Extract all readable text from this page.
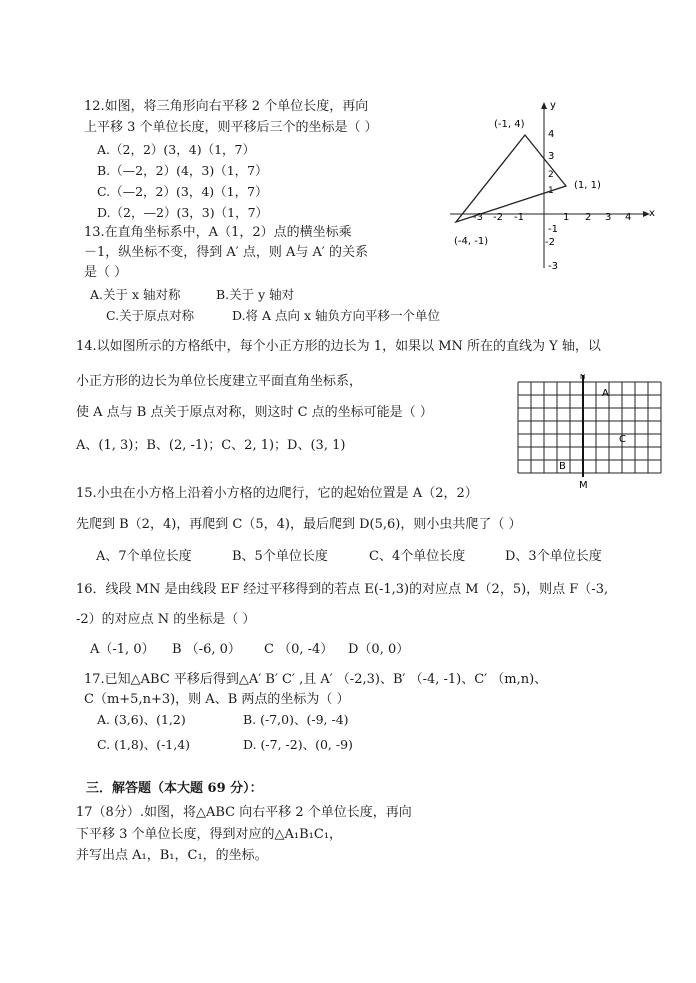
12.如图，将三角形向右平移 2 个单位长度，再向
上平移 3 个单位长度，则平移后三个的坐标是（ ）
A.（2，2）(3，4)（1，7）
B.（—2，2）(4，3)（1，7）
C.（—2，2）(3，4)（1，7）
D.（2，—2）(3，3)（1，7）	x
y
-3 -2 -1	1 2 3 4
4
3
2
1
-1
-2
-3
(-1, 4)
(1, 1)
(-4, -1)
13.在直角坐标系中，A（1，2）点的横坐标乘
－1，纵坐标不变，得到 A′ 点，则 A与 A′ 的关系
是（ ）
A.关于 x 轴对称	B.关于 y 轴对
C.关于原点对称	D.将 A 点向 x 轴负方向平移一个单位
14.以如图所示的方格纸中，每个小正方形的边长为 1，如果以 MN 所在的直线为 Y 轴，以
小正方形的边长为单位长度建立平面直角坐标系，
使 A 点与 B 点关于原点对称，则这时 C 点的坐标可能是（ ）
A、(1, 3)；B、(2, -1)；C、2, 1)；D、(3, 1)
N
A
C
B
M
15.小虫在小方格上沿着小方格的边爬行，它的起始位置是 A（2，2）
先爬到 B（2，4)，再爬到 C（5，4)，最后爬到 D(5,6)，则小虫共爬了（ ）
A、7个单位长度	B、5个单位长度	C、4个单位长度	D、3个单位长度
16．线段 MN 是由线段 EF 经过平移得到的若点 E(-1,3)的对应点 M（2，5)，则点 F（-3,
-2）的对应点 N 的坐标是（ ）
A（-1, 0） B （-6, 0） C （0, -4） D（0, 0）
17.已知△ABC 平移后得到△A′ B′ C′ ,且 A′ （-2,3)、B′ （-4, -1)、C′ （m,n)、
C（m+5,n+3)，则 A、B 两点的坐标为（ ）
A. (3,6)、(1,2)	B. (-7,0)、(-9, -4)
C. (1,8)、(-1,4)	D. (-7, -2)、(0, -9)
三．解答题（本大题 69 分）：
17（8分）.如图，将△ABC 向右平移 2 个单位长度，再向
下平移 3 个单位长度，得到对应的△A₁B₁C₁，
并写出点 A₁，B₁，C₁，的坐标。
